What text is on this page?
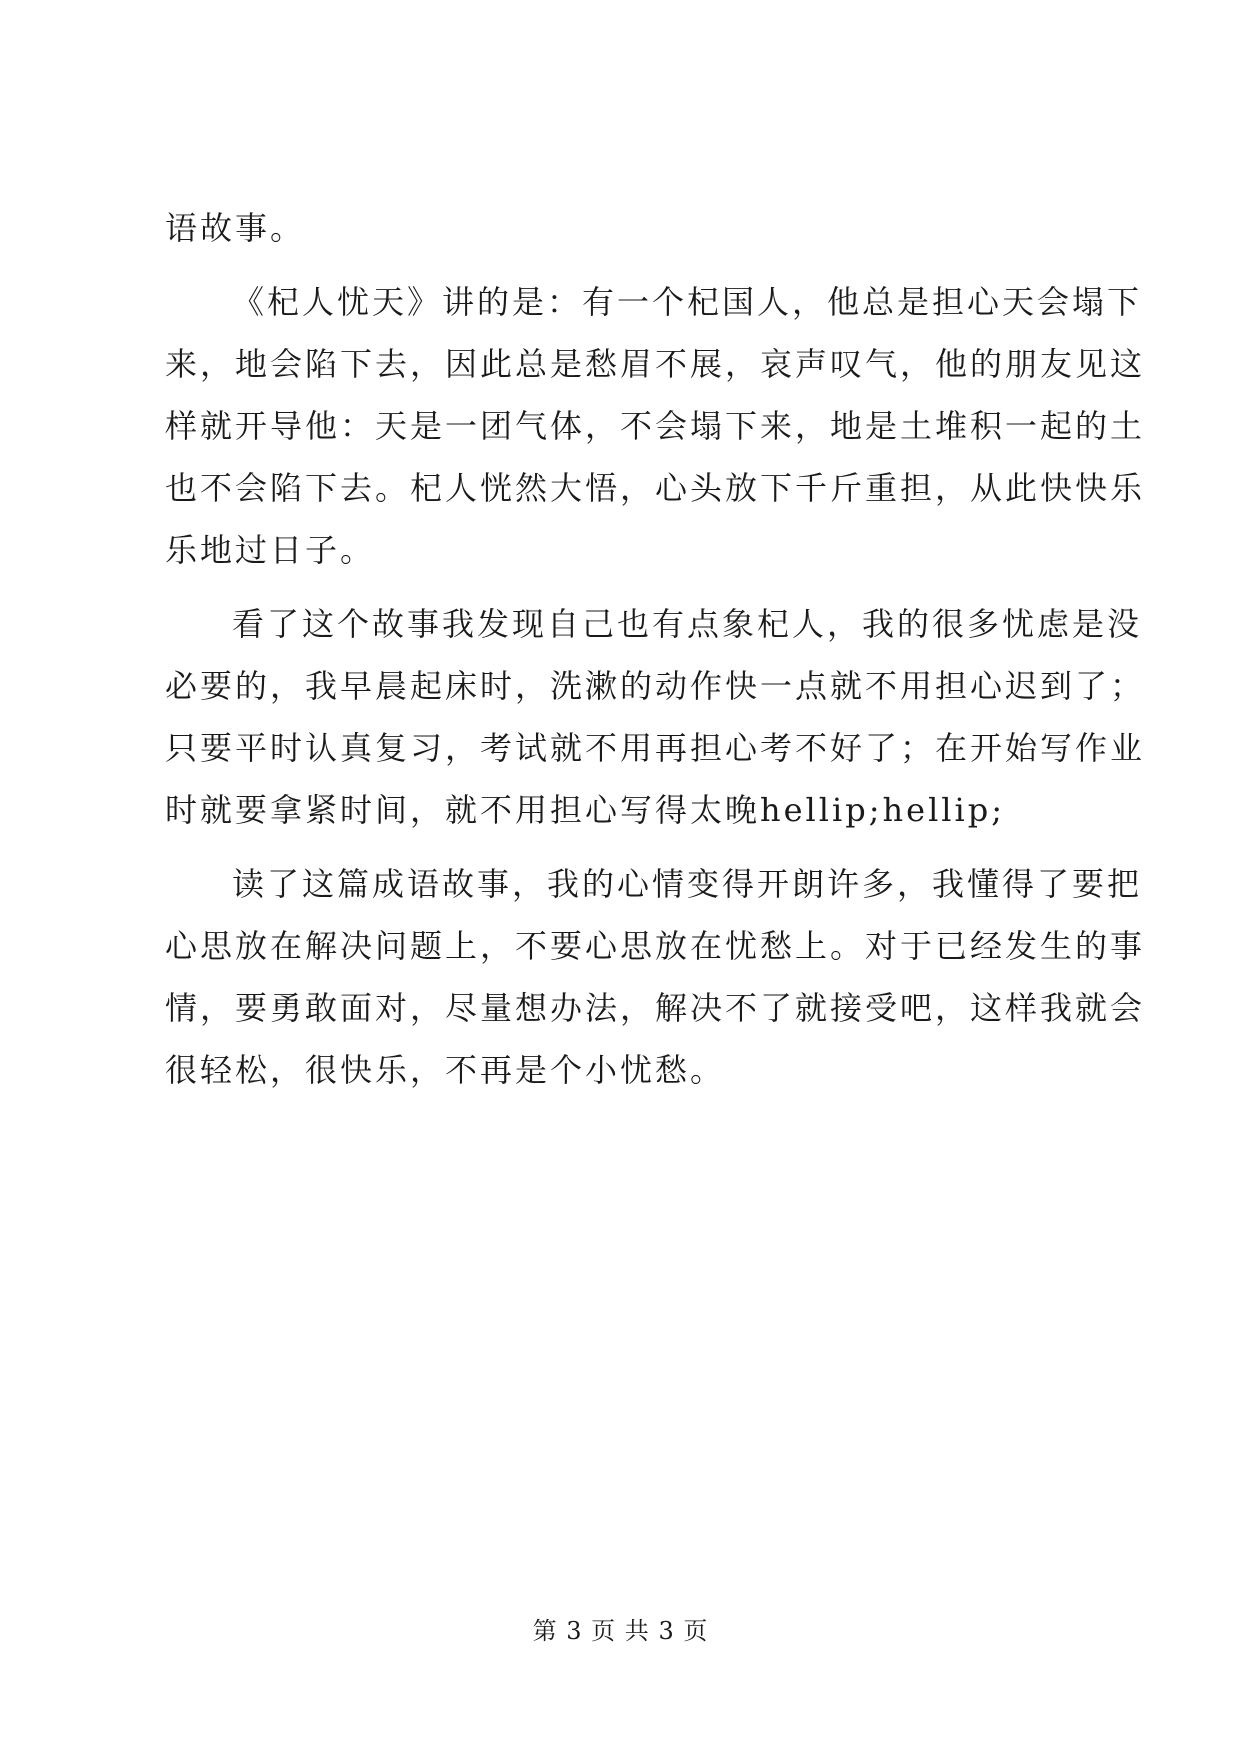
语故事。
《杞人忧天》讲的是：有一个杞国人，他总是担心天会塌下
来，地会陷下去，因此总是愁眉不展，哀声叹气，他的朋友见这
样就开导他：天是一团气体，不会塌下来，地是土堆积一起的土
也不会陷下去。杞人恍然大悟，心头放下千斤重担，从此快快乐
乐地过日子。
看了这个故事我发现自己也有点象杞人，我的很多忧虑是没
必要的，我早晨起床时，洗漱的动作快一点就不用担心迟到了；
只要平时认真复习，考试就不用再担心考不好了；在开始写作业
时就要拿紧时间，就不用担心写得太晚hellip;hellip;
读了这篇成语故事，我的心情变得开朗许多，我懂得了要把
心思放在解决问题上，不要心思放在忧愁上。对于已经发生的事
情，要勇敢面对，尽量想办法，解决不了就接受吧，这样我就会
很轻松，很快乐，不再是个小忧愁。
第 3 页 共 3 页
